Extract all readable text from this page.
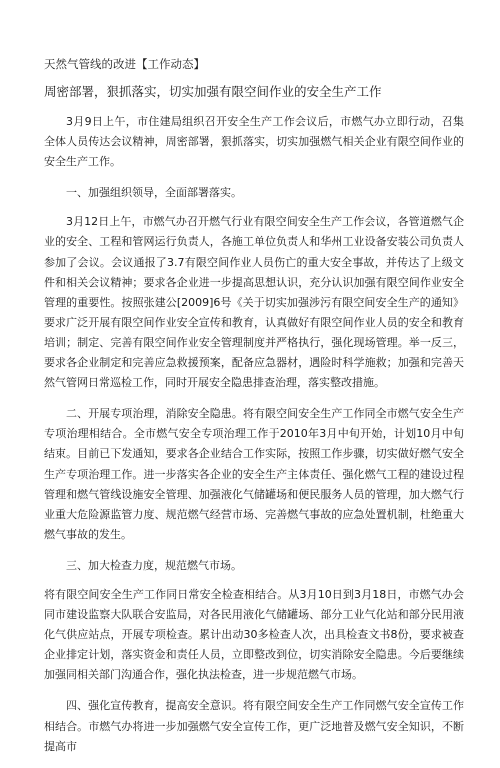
天然气管线的改进【工作动态】
周密部署，狠抓落实，切实加强有限空间作业的安全生产工作

3月9日上午，市住建局组织召开安全生产工作会议后，市燃气办立即行动，召集全体人员传达会议精神，周密部署，狠抓落实，切实加强燃气相关企业有限空间作业的安全生产工作。

一、加强组织领导，全面部署落实。

3月12日上午，市燃气办召开燃气行业有限空间安全生产工作会议，各管道燃气企业的安全、工程和管网运行负责人，各施工单位负责人和华州工业设备安装公司负责人参加了会议。会议通报了3.7有限空间作业人员伤亡的重大安全事故，并传达了上级文件和相关会议精神；要求各企业进一步提高思想认识，充分认识加强有限空间作业安全管理的重要性。按照张建公[2009]6号《关于切实加强涉污有限空间安全生产的通知》要求广泛开展有限空间作业安全宣传和教育，认真做好有限空间作业人员的安全和教育培训；制定、完善有限空间作业安全管理制度并严格执行，强化现场管理。举一反三，要求各企业制定和完善应急救援预案，配备应急器材，遇险时科学施救；加强和完善天然气管网日常巡检工作，同时开展安全隐患排查治理，落实整改措施。

二、开展专项治理，消除安全隐患。将有限空间安全生产工作同全市燃气安全生产专项治理相结合。全市燃气安全专项治理工作于2010年3月中旬开始，计划10月中旬结束。目前已下发通知，要求各企业结合工作实际，按照工作步骤，切实做好燃气安全生产专项治理工作。进一步落实各企业的安全生产主体责任、强化燃气工程的建设过程管理和燃气管线设施安全管理、加强液化气储罐场和便民服务人员的管理，加大燃气行业重大危险源监管力度、规范燃气经营市场、完善燃气事故的应急处置机制，杜绝重大燃气事故的发生。

三、加大检查力度，规范燃气市场。

将有限空间安全生产工作同日常安全检查相结合。从3月10日到3月18日，市燃气办会同市建设监察大队联合安监局，对各民用液化气储罐场、部分工业气化站和部分民用液化气供应站点，开展专项检查。累计出动30多检查人次，出具检查文书8份，要求被查企业排定计划，落实资金和责任人员，立即整改到位，切实消除安全隐患。今后要继续加强同相关部门沟通合作，强化执法检查，进一步规范燃气市场。

四、强化宣传教育，提高安全意识。将有限空间安全生产工作同燃气安全宣传工作相结合。市燃气办将进一步加强燃气安全宣传工作，更广泛地普及燃气安全知识，不断提高市
